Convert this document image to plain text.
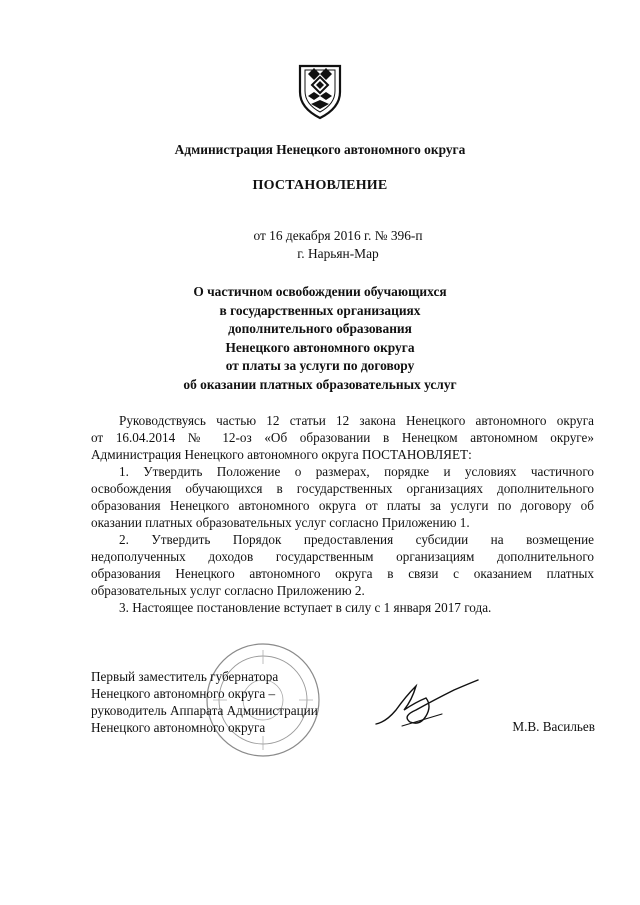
Администрация Ненецкого автономного округа
ПОСТАНОВЛЕНИЕ
от 16 декабря 2016 г. № 396-п
г. Нарьян-Мар
О частичном освобождении обучающихся
в государственных организациях
дополнительного образования
Ненецкого автономного округа
от платы за услуги по договору
об оказании платных образовательных услуг
Руководствуясь частью 12 статьи 12 закона Ненецкого автономного округа
от 16.04.2014 № 12-оз «Об образовании в Ненецком автономном округе»
Администрация Ненецкого автономного округа ПОСТАНОВЛЯЕТ:
1. Утвердить Положение о размерах, порядке и условиях частичного
освобождения обучающихся в государственных организациях дополнительного
образования Ненецкого автономного округа от платы за услуги по договору об
оказании платных образовательных услуг согласно Приложению 1.
2. Утвердить Порядок предоставления субсидии на возмещение
недополученных доходов государственным организациям дополнительного
образования Ненецкого автономного округа в связи с оказанием платных
образовательных услуг согласно Приложению 2.
3. Настоящее постановление вступает в силу с 1 января 2017 года.
Первый заместитель губернатора
Ненецкого автономного округа –
руководитель Аппарата Администрации
Ненецкого автономного округа	М.В. Васильев
